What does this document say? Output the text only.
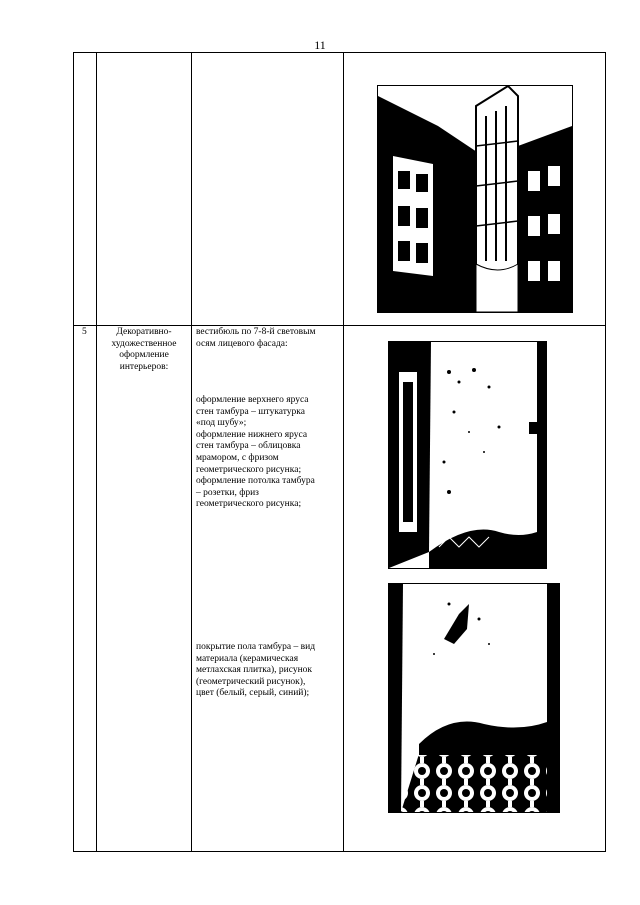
11
5	Декоративно-художественное оформление интерьеров:
вестибюль по 7-8-й световым
осям лицевого фасада:
оформление верхнего яруса
стен тамбура – штукатурка
«под шубу»;
оформление нижнего яруса
стен тамбура – облицовка
мрамором, с фризом
геометрического рисунка;
оформление потолка тамбура
– розетки, фриз
геометрического рисунка;
покрытие пола тамбура – вид
материала (керамическая
метлахская плитка), рисунок
(геометрический рисунок),
цвет (белый, серый, синий);
